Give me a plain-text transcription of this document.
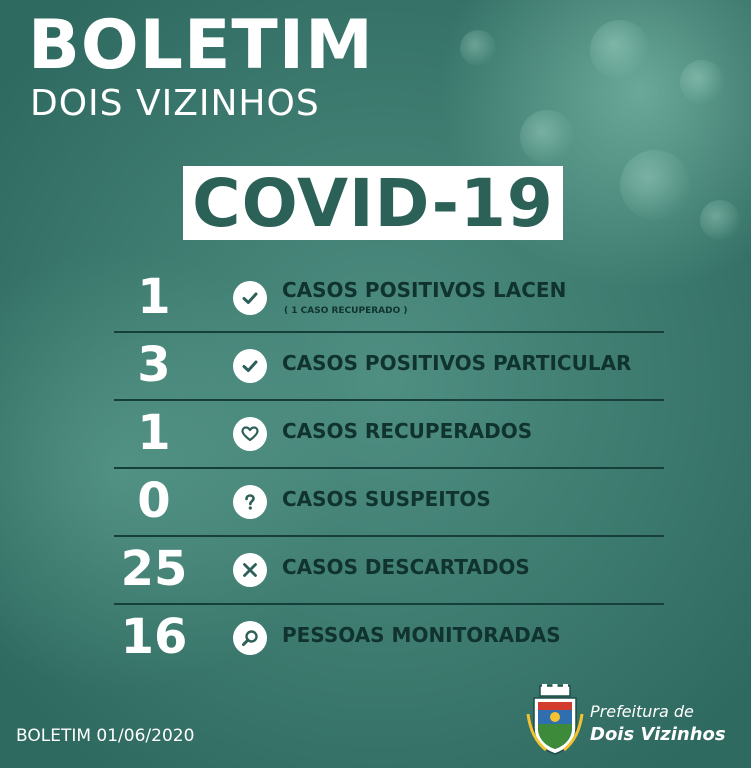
BOLETIM
DOIS VIZINHOS
COVID-19
1	CASOS POSITIVOS LACEN
( 1 CASO RECUPERADO )
3	CASOS POSITIVOS PARTICULAR
1	CASOS RECUPERADOS
0	CASOS SUSPEITOS
25	CASOS DESCARTADOS
16	PESSOAS MONITORADAS
BOLETIM 01/06/2020
Prefeitura de
Dois Vizinhos
